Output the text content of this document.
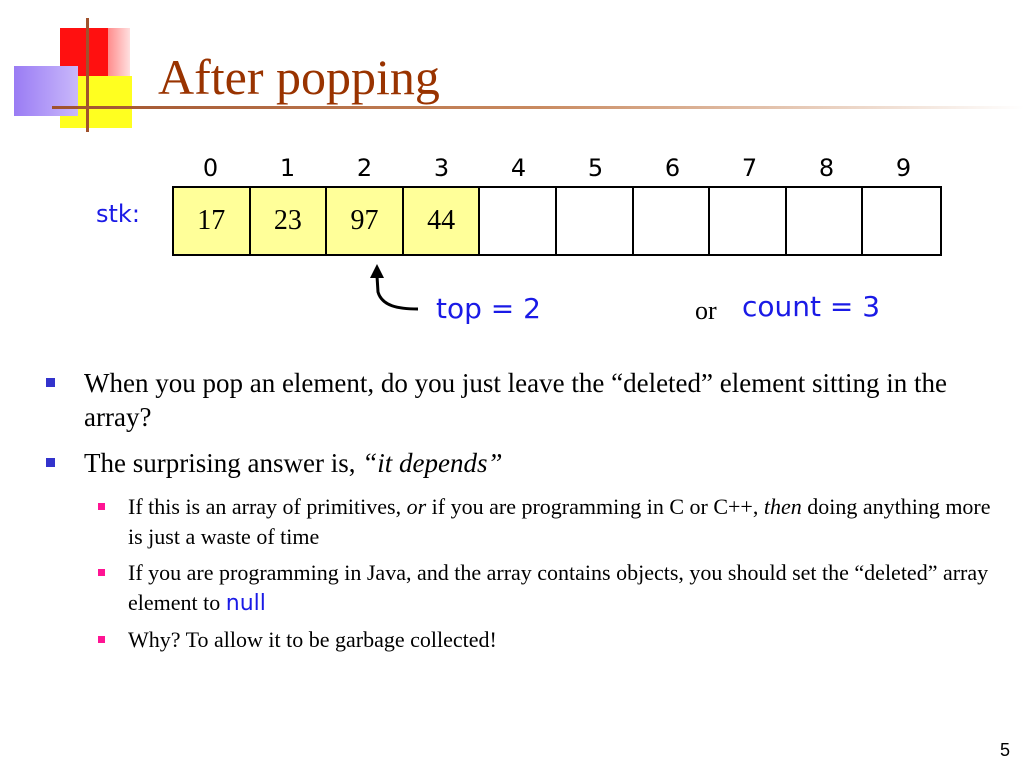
After popping
stk:
0	1	2	3	4	5	6	7	8	9
17	23	97	44
top = 2	or count = 3
When you pop an element, do you just leave the “deleted” element sitting in the array?
The surprising answer is, “it depends”
If this is an array of primitives, or if you are programming in C or C++, then doing anything more is just a waste of time
If you are programming in Java, and the array contains objects, you should set the “deleted” array element to null
Why? To allow it to be garbage collected!
5
